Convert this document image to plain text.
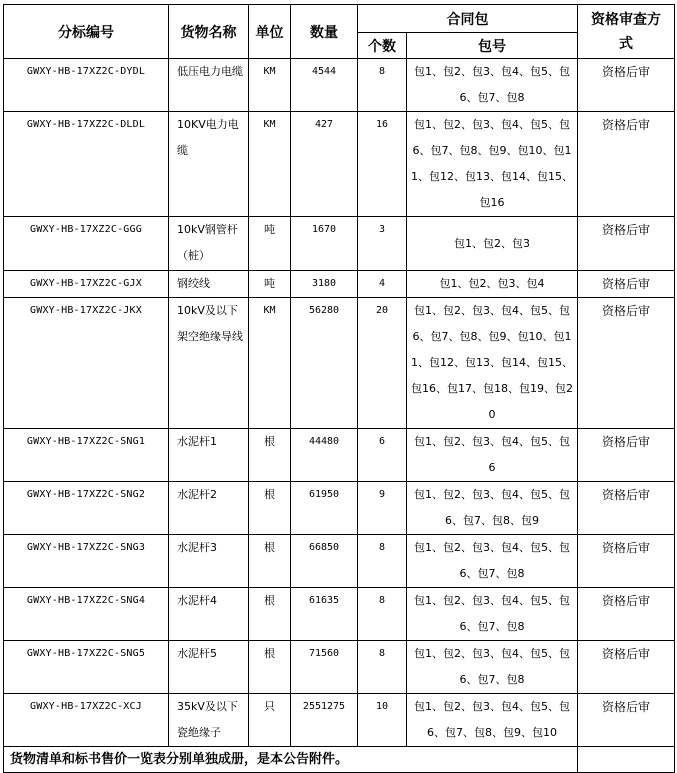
分标编号	货物名称	单位	数量	合同包		资格审查方式
				个数	包号	
GWXY-HB-17XZ2C-DYDL	低压电力电缆	KM	4544	8	包1、包2、包3、包4、包5、包6、包7、包8	资格后审
GWXY-HB-17XZ2C-DLDL	10KV电力电缆	KM	427	16	包1、包2、包3、包4、包5、包6、包7、包8、包9、包10、包11、包12、包13、包14、包15、包16	资格后审
GWXY-HB-17XZ2C-GGG	10kV钢管杆（桩）	吨	1670	3	包1、包2、包3	资格后审
GWXY-HB-17XZ2C-GJX	钢绞线	吨	3180	4	包1、包2、包3、包4	资格后审
GWXY-HB-17XZ2C-JKX	10kV及以下架空绝缘导线	KM	56280	20	包1、包2、包3、包4、包5、包6、包7、包8、包9、包10、包11、包12、包13、包14、包15、包16、包17、包18、包19、包20	资格后审
GWXY-HB-17XZ2C-SNG1	水泥杆1	根	44480	6	包1、包2、包3、包4、包5、包6	资格后审
GWXY-HB-17XZ2C-SNG2	水泥杆2	根	61950	9	包1、包2、包3、包4、包5、包6、包7、包8、包9	资格后审
GWXY-HB-17XZ2C-SNG3	水泥杆3	根	66850	8	包1、包2、包3、包4、包5、包6、包7、包8	资格后审
GWXY-HB-17XZ2C-SNG4	水泥杆4	根	61635	8	包1、包2、包3、包4、包5、包6、包7、包8	资格后审
GWXY-HB-17XZ2C-SNG5	水泥杆5	根	71560	8	包1、包2、包3、包4、包5、包6、包7、包8	资格后审
GWXY-HB-17XZ2C-XCJ	35kV及以下瓷绝缘子	只	2551275	10	包1、包2、包3、包4、包5、包6、包7、包8、包9、包10	资格后审
货物清单和标书售价一览表分别单独成册，是本公告附件。						
